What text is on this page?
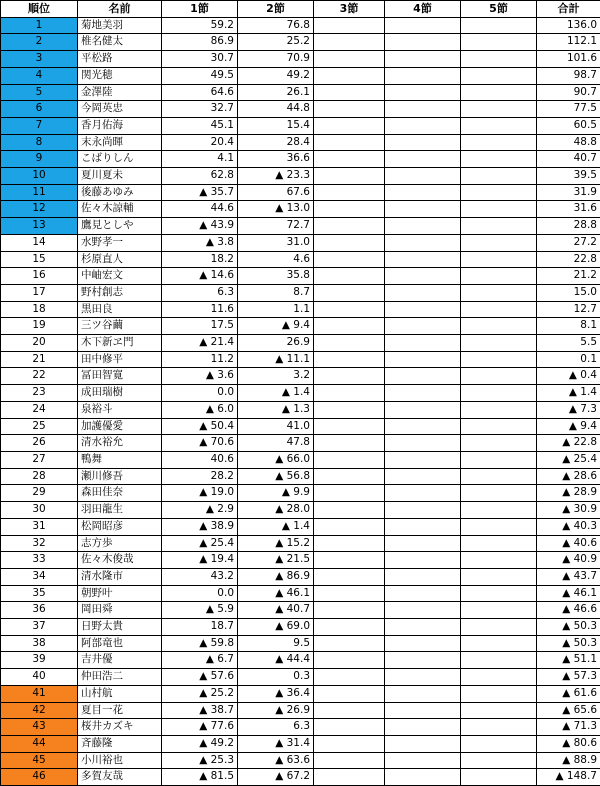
順位	名前	1節	2節	3節	4節	5節	合計
1	菊地美羽	59.2	76.8				136.0
2	椎名健太	86.9	25.2				112.1
3	平松路	30.7	70.9				101.6
4	関光穂	49.5	49.2				98.7
5	金澤陸	64.6	26.1				90.7
6	今岡英忠	32.7	44.8				77.5
7	香月佑海	45.1	15.4				60.5
8	末永尚暉	20.4	28.4				48.8
9	こばりしん	4.1	36.6				40.7
10	夏川夏未	62.8	▲ 23.3				39.5
11	後藤あゆみ	▲ 35.7	67.6				31.9
12	佐々木諒輔	44.6	▲ 13.0				31.6
13	鷹見としや	▲ 43.9	72.7				28.8
14	水野孝一	▲ 3.8	31.0				27.2
15	杉原直人	18.2	4.6				22.8
16	中岫宏文	▲ 14.6	35.8				21.2
17	野村創志	6.3	8.7				15.0
18	黒田良	11.6	1.1				12.7
19	三ツ谷繭	17.5	▲ 9.4				8.1
20	木下新ヱ門	▲ 21.4	26.9				5.5
21	田中修平	11.2	▲ 11.1				0.1
22	冨田智寛	▲ 3.6	3.2				▲ 0.4
23	成田瑞樹	0.0	▲ 1.4				▲ 1.4
24	泉裕斗	▲ 6.0	▲ 1.3				▲ 7.3
25	加護優愛	▲ 50.4	41.0				▲ 9.4
26	清水裕允	▲ 70.6	47.8				▲ 22.8
27	鴨舞	40.6	▲ 66.0				▲ 25.4
28	瀬川修吾	28.2	▲ 56.8				▲ 28.6
29	森田佳奈	▲ 19.0	▲ 9.9				▲ 28.9
30	羽田龍生	▲ 2.9	▲ 28.0				▲ 30.9
31	松岡昭彦	▲ 38.9	▲ 1.4				▲ 40.3
32	志方歩	▲ 25.4	▲ 15.2				▲ 40.6
33	佐々木俊哉	▲ 19.4	▲ 21.5				▲ 40.9
34	清水隆市	43.2	▲ 86.9				▲ 43.7
35	朝野叶	0.0	▲ 46.1				▲ 46.1
36	岡田舜	▲ 5.9	▲ 40.7				▲ 46.6
37	日野太貴	18.7	▲ 69.0				▲ 50.3
38	阿部竜也	▲ 59.8	9.5				▲ 50.3
39	吉井優	▲ 6.7	▲ 44.4				▲ 51.1
40	仲田浩二	▲ 57.6	0.3				▲ 57.3
41	山村航	▲ 25.2	▲ 36.4				▲ 61.6
42	夏目一花	▲ 38.7	▲ 26.9				▲ 65.6
43	桜井カズキ	▲ 77.6	6.3				▲ 71.3
44	斉藤隆	▲ 49.2	▲ 31.4				▲ 80.6
45	小川裕也	▲ 25.3	▲ 63.6				▲ 88.9
46	多賀友哉	▲ 81.5	▲ 67.2				▲ 148.7
